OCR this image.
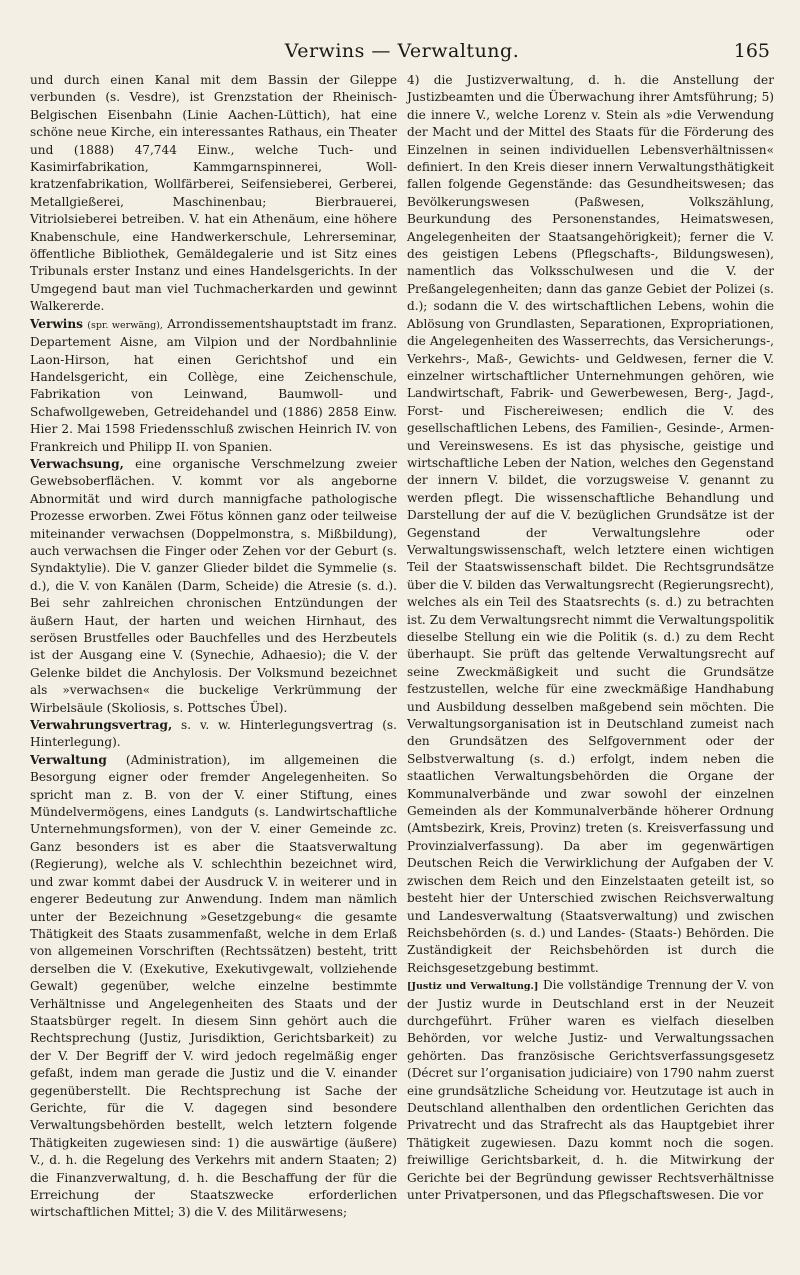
Verwins — Verwaltung.	165

und durch einen Kanal mit dem Bassin der Gileppe verbunden (s. Vesdre), ist Grenzstation der Rheinisch-Belgischen Eisenbahn (Linie Aachen-Lüttich), hat eine schöne neue Kirche, ein interessantes Rathaus, ein Theater und (1888) 47,744 Einw., welche Tuch- und Kasimirfabrikation, Kammgarnspinnerei, Woll-kratzenfabrikation, Wollfärberei, Seifensieberei, Gerberei, Metallgießerei, Maschinenbau; Bierbrauerei, Vitriolsieberei betreiben. V. hat ein Athenäum, eine höhere Knabenschule, eine Handwerkerschule, Lehrerseminar, öffentliche Bibliothek, Gemäldegalerie und ist Sitz eines Tribunals erster Instanz und eines Handelsgerichts. In der Umgegend baut man viel Tuchmacherkarden und gewinnt Walkererde.

Verwins (spr. werwäng), Arrondissementshauptstadt im franz. Departement Aisne, am Vilpion und der Nordbahnlinie Laon-Hirson, hat einen Gerichtshof und ein Handelsgericht, ein Collège, eine Zeichenschule, Fabrikation von Leinwand, Baumwoll- und Schafwollgeweben, Getreidehandel und (1886) 2858 Einw. Hier 2. Mai 1598 Friedensschluß zwischen Heinrich IV. von Frankreich und Philipp II. von Spanien.

Verwachsung, eine organische Verschmelzung zweier Gewebsoberflächen. V. kommt vor als angeborne Abnormität und wird durch mannigfache pathologische Prozesse erworben. Zwei Fötus können ganz oder teilweise miteinander verwachsen (Doppelmonstra, s. Mißbildung), auch verwachsen die Finger oder Zehen vor der Geburt (s. Syndaktylie). Die V. ganzer Glieder bildet die Symmelie (s. d.), die V. von Kanälen (Darm, Scheide) die Atresie (s. d.). Bei sehr zahlreichen chronischen Entzündungen der äußern Haut, der harten und weichen Hirnhaut, des serösen Brustfelles oder Bauchfelles und des Herzbeutels ist der Ausgang eine V. (Synechie, Adhaesio); die V. der Gelenke bildet die Anchylosis. Der Volksmund bezeichnet als »verwachsen« die buckelige Verkrümmung der Wirbelsäule (Skoliosis, s. Pottsches Übel).

Verwahrungsvertrag, s. v. w. Hinterlegungsvertrag (s. Hinterlegung).

Verwaltung (Administration), im allgemeinen die Besorgung eigner oder fremder Angelegenheiten. So spricht man z. B. von der V. einer Stiftung, eines Mündelvermögens, eines Landguts (s. Landwirtschaftliche Unternehmungsformen), von der V. einer Gemeinde zc. Ganz besonders ist es aber die Staatsverwaltung (Regierung), welche als V. schlechthin bezeichnet wird, und zwar kommt dabei der Ausdruck V. in weiterer und in engerer Bedeutung zur Anwendung. Indem man nämlich unter der Bezeichnung »Gesetzgebung« die gesamte Thätigkeit des Staats zusammenfaßt, welche in dem Erlaß von allgemeinen Vorschriften (Rechtssätzen) besteht, tritt derselben die V. (Exekutive, Exekutivgewalt, vollziehende Gewalt) gegenüber, welche einzelne bestimmte Verhältnisse und Angelegenheiten des Staats und der Staatsbürger regelt. In diesem Sinn gehört auch die Rechtsprechung (Justiz, Jurisdiktion, Gerichtsbarkeit) zu der V. Der Begriff der V. wird jedoch regelmäßig enger gefaßt, indem man gerade die Justiz und die V. einander gegenüberstellt. Die Rechtsprechung ist Sache der Gerichte, für die V. dagegen sind besondere Verwaltungsbehörden bestellt, welch letztern folgende Thätigkeiten zugewiesen sind: 1) die auswärtige (äußere) V., d. h. die Regelung des Verkehrs mit andern Staaten; 2) die Finanzverwaltung, d. h. die Beschaffung der für die Erreichung der Staatszwecke erforderlichen wirtschaftlichen Mittel; 3) die V. des Militärwesens;

4) die Justizverwaltung, d. h. die Anstellung der Justizbeamten und die Überwachung ihrer Amtsführung; 5) die innere V., welche Lorenz v. Stein als »die Verwendung der Macht und der Mittel des Staats für die Förderung des Einzelnen in seinen individuellen Lebensverhältnissen« definiert. In den Kreis dieser innern Verwaltungsthätigkeit fallen folgende Gegenstände: das Gesundheitswesen; das Bevölkerungswesen (Paßwesen, Volkszählung, Beurkundung des Personenstandes, Heimatswesen, Angelegenheiten der Staatsangehörigkeit); ferner die V. des geistigen Lebens (Pflegschafts-, Bildungswesen), namentlich das Volksschulwesen und die V. der Preßangelegenheiten; dann das ganze Gebiet der Polizei (s. d.); sodann die V. des wirtschaftlichen Lebens, wohin die Ablösung von Grundlasten, Separationen, Expropriationen, die Angelegenheiten des Wasserrechts, das Versicherungs-, Verkehrs-, Maß-, Gewichts- und Geldwesen, ferner die V. einzelner wirtschaftlicher Unternehmungen gehören, wie Landwirtschaft, Fabrik- und Gewerbewesen, Berg-, Jagd-, Forst- und Fischereiwesen; endlich die V. des gesellschaftlichen Lebens, des Familien-, Gesinde-, Armen- und Vereinswesens. Es ist das physische, geistige und wirtschaftliche Leben der Nation, welches den Gegenstand der innern V. bildet, die vorzugsweise V. genannt zu werden pflegt. Die wissenschaftliche Behandlung und Darstellung der auf die V. bezüglichen Grundsätze ist der Gegenstand der Verwaltungslehre oder Verwaltungswissenschaft, welch letztere einen wichtigen Teil der Staatswissenschaft bildet. Die Rechtsgrundsätze über die V. bilden das Verwaltungsrecht (Regierungsrecht), welches als ein Teil des Staatsrechts (s. d.) zu betrachten ist. Zu dem Verwaltungsrecht nimmt die Verwaltungspolitik dieselbe Stellung ein wie die Politik (s. d.) zu dem Recht überhaupt. Sie prüft das geltende Verwaltungsrecht auf seine Zweckmäßigkeit und sucht die Grundsätze festzustellen, welche für eine zweckmäßige Handhabung und Ausbildung desselben maßgebend sein möchten. Die Verwaltungsorganisation ist in Deutschland zumeist nach den Grundsätzen des Selfgovernment oder der Selbstverwaltung (s. d.) erfolgt, indem neben die staatlichen Verwaltungsbehörden die Organe der Kommunalverbände und zwar sowohl der einzelnen Gemeinden als der Kommunalverbände höherer Ordnung (Amtsbezirk, Kreis, Provinz) treten (s. Kreisverfassung und Provinzialverfassung). Da aber im gegenwärtigen Deutschen Reich die Verwirklichung der Aufgaben der V. zwischen dem Reich und den Einzelstaaten geteilt ist, so besteht hier der Unterschied zwischen Reichsverwaltung und Landesverwaltung (Staatsverwaltung) und zwischen Reichsbehörden (s. d.) und Landes- (Staats-) Behörden. Die Zuständigkeit der Reichsbehörden ist durch die Reichsgesetzgebung bestimmt.

[Justiz und Verwaltung.] Die vollständige Trennung der V. von der Justiz wurde in Deutschland erst in der Neuzeit durchgeführt. Früher waren es vielfach dieselben Behörden, vor welche Justiz- und Verwaltungssachen gehörten. Das französische Gerichtsverfassungsgesetz (Décret sur l’organisation judiciaire) von 1790 nahm zuerst eine grundsätzliche Scheidung vor. Heutzutage ist auch in Deutschland allenthalben den ordentlichen Gerichten das Privatrecht und das Strafrecht als das Hauptgebiet ihrer Thätigkeit zugewiesen. Dazu kommt noch die sogen. freiwillige Gerichtsbarkeit, d. h. die Mitwirkung der Gerichte bei der Begründung gewisser Rechtsverhältnisse unter Privatpersonen, und das Pflegschaftswesen. Die vor
